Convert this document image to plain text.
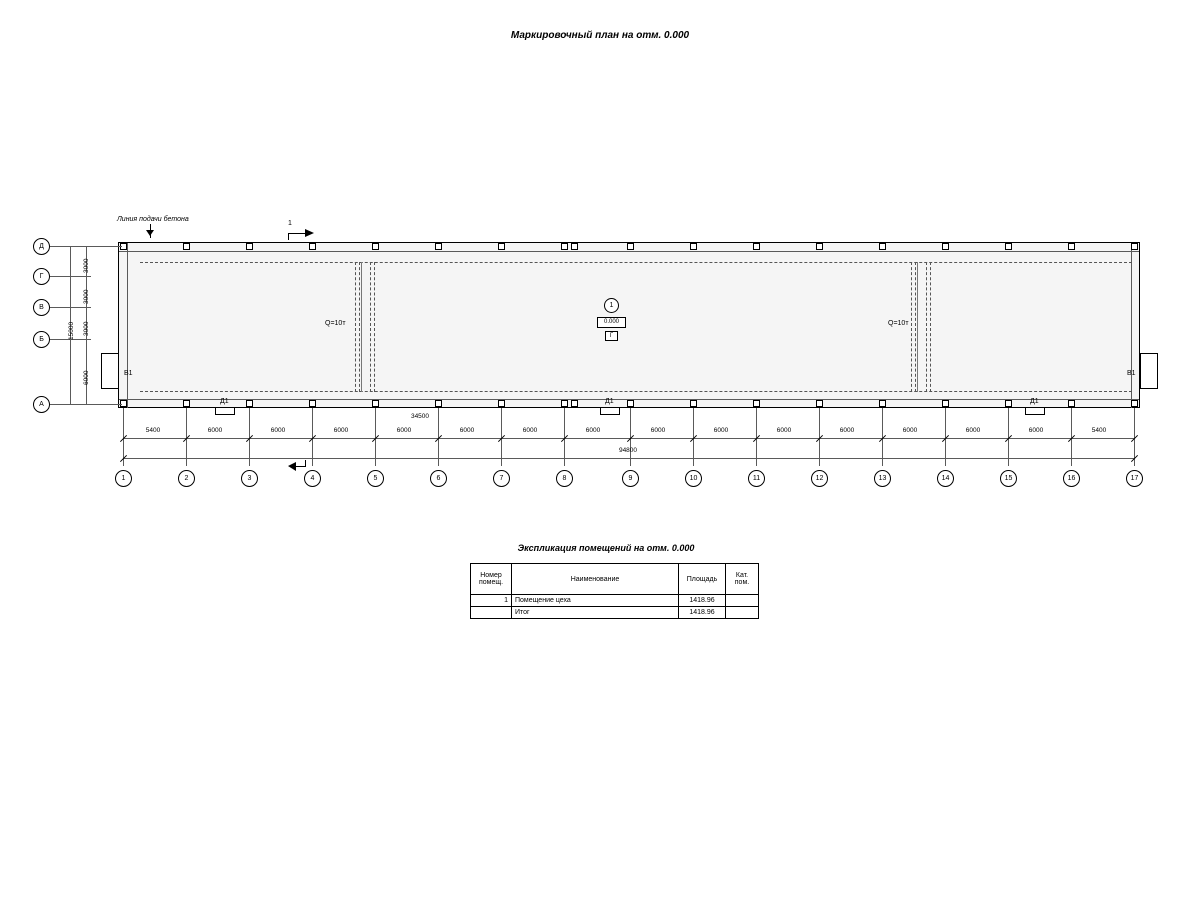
Маркировочный план на отм. 0.000
Q=10т	Q=10т
1
0.000
Г
В1	В1
Д1	Д1	Д1
Линия подачи бетона
1
Д
Г
В
Б
А
3000
3000
3000
6000
15000
5400	6000	6000	6000	6000	6000	6000	6000	6000	6000	6000	6000	6000	6000	6000	5400
34500
94800
1	2	3	4	5	6	7	8	9	10	11	12	13	14	15	16	17
Экспликация помещений на отм. 0.000
Номер
помещ.	Наименование	Площадь	Кат.
пом.

1	Помещение цеха	1418.96	
	Итог	1418.96	
